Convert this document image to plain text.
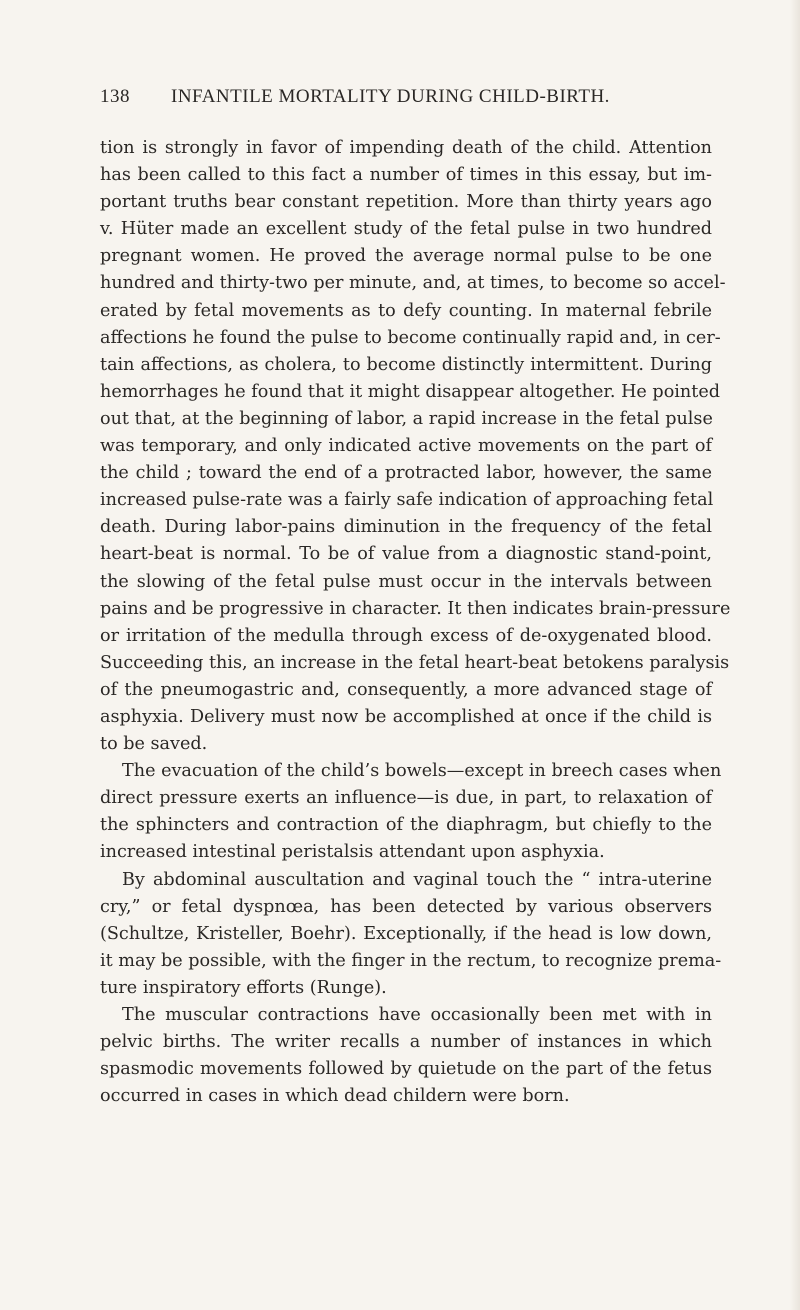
138 INFANTILE MORTALITY DURING CHILD-BIRTH.
tion is strongly in favor of impending death of the child. Attention
has been called to this fact a number of times in this essay, but im-
portant truths bear constant repetition. More than thirty years ago
v. Hüter made an excellent study of the fetal pulse in two hundred
pregnant women. He proved the average normal pulse to be one
hundred and thirty-two per minute, and, at times, to become so accel-
erated by fetal movements as to defy counting. In maternal febrile
affections he found the pulse to become continually rapid and, in cer-
tain affections, as cholera, to become distinctly intermittent. During
hemorrhages he found that it might disappear altogether. He pointed
out that, at the beginning of labor, a rapid increase in the fetal pulse
was temporary, and only indicated active movements on the part of
the child ; toward the end of a protracted labor, however, the same
increased pulse-rate was a fairly safe indication of approaching fetal
death. During labor-pains diminution in the frequency of the fetal
heart-beat is normal. To be of value from a diagnostic stand-point,
the slowing of the fetal pulse must occur in the intervals between
pains and be progressive in character. It then indicates brain-pressure
or irritation of the medulla through excess of de-oxygenated blood.
Succeeding this, an increase in the fetal heart-beat betokens paralysis
of the pneumogastric and, consequently, a more advanced stage of
asphyxia. Delivery must now be accomplished at once if the child is
to be saved.
The evacuation of the child’s bowels—except in breech cases when
direct pressure exerts an influence—is due, in part, to relaxation of
the sphincters and contraction of the diaphragm, but chiefly to the
increased intestinal peristalsis attendant upon asphyxia.
By abdominal auscultation and vaginal touch the “ intra-uterine
cry,” or fetal dyspnœa, has been detected by various observers
(Schultze, Kristeller, Boehr). Exceptionally, if the head is low down,
it may be possible, with the finger in the rectum, to recognize prema-
ture inspiratory efforts (Runge).
The muscular contractions have occasionally been met with in
pelvic births. The writer recalls a number of instances in which
spasmodic movements followed by quietude on the part of the fetus
occurred in cases in which dead childern were born.
